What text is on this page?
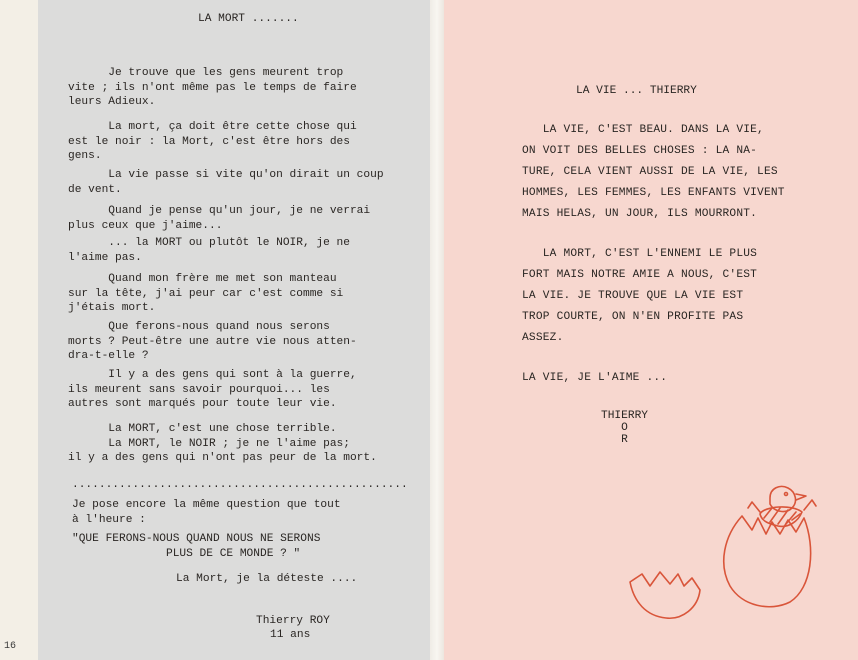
LA MORT .......
Je trouve que les gens meurent trop
vite ; ils n'ont même pas le temps de faire
leurs Adieux.
La mort, ça doit être cette chose qui
est le noir : la Mort, c'est être hors des
gens.
La vie passe si vite qu'on dirait un coup
de vent.
Quand je pense qu'un jour, je ne verrai
plus ceux que j'aime...
... la MORT ou plutôt le NOIR, je ne
l'aime pas.
Quand mon frère me met son manteau
sur la tête, j'ai peur car c'est comme si
j'étais mort.
Que ferons-nous quand nous serons
morts ? Peut-être une autre vie nous atten-
dra-t-elle ?
Il y a des gens qui sont à la guerre,
ils meurent sans savoir pourquoi... les
autres sont marqués pour toute leur vie.
La MORT, c'est une chose terrible.
La MORT, le NOIR ; je ne l'aime pas;
il y a des gens qui n'ont pas peur de la mort.
..................................................
Je pose encore la même question que tout
à l'heure :
"QUE FERONS-NOUS QUAND NOUS NE SERONS
PLUS DE CE MONDE ? "
La Mort, je la déteste ....
Thierry ROY
11 ans
16
LA VIE ... THIERRY
LA VIE, C'EST BEAU. DANS LA VIE,
ON VOIT DES BELLES CHOSES : LA NA-
TURE, CELA VIENT AUSSI DE LA VIE, LES
HOMMES, LES FEMMES, LES ENFANTS VIVENT
MAIS HELAS, UN JOUR, ILS MOURRONT.
LA MORT, C'EST L'ENNEMI LE PLUS
FORT MAIS NOTRE AMIE A NOUS, C'EST
LA VIE. JE TROUVE QUE LA VIE EST
TROP COURTE, ON N'EN PROFITE PAS
ASSEZ.
LA VIE, JE L'AIME ...
THIERRY
O
R
